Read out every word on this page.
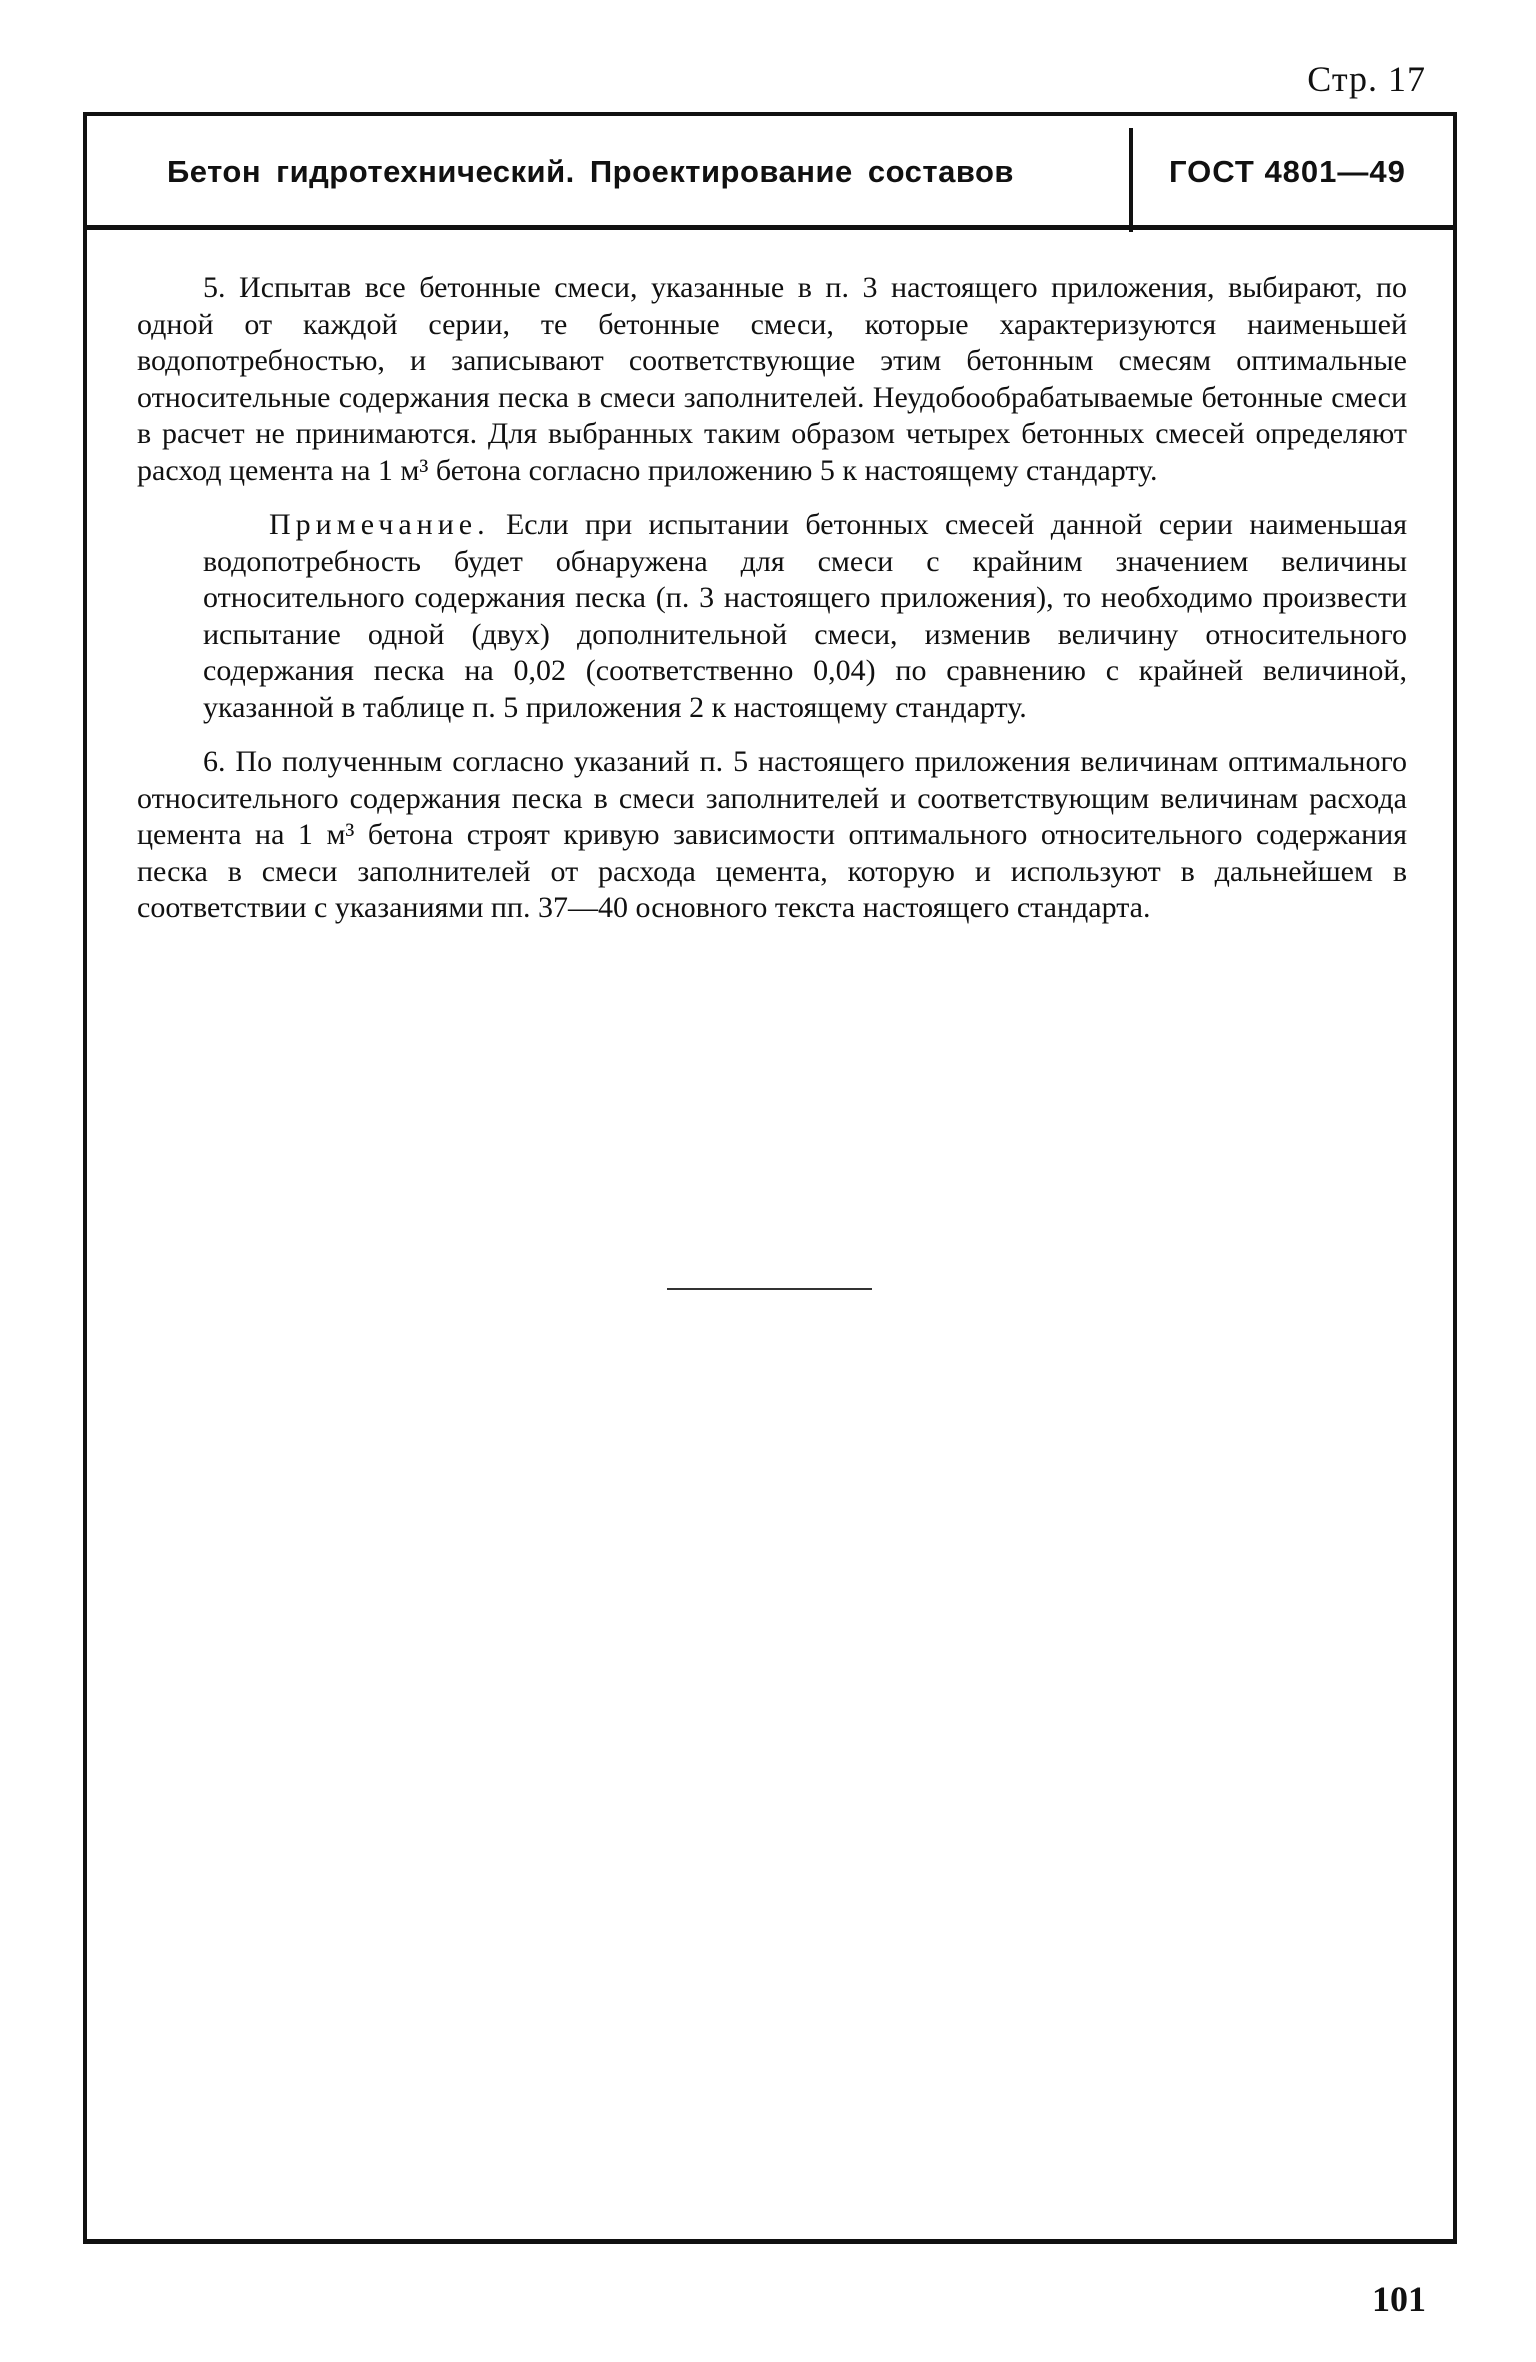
Стр. 17
Бетон гидротехнический. Проектирование составов	ГОСТ 4801—49

5. Испытав все бетонные смеси, указанные в п. 3 настоящего приложения, выбирают, по одной от каждой серии, те бетонные смеси, которые характеризуются наименьшей водопотребностью, и записывают соответствующие этим бетонным смесям оптимальные относительные содержания песка в смеси заполнителей. Неудобообрабатываемые бетонные смеси в расчет не принимаются. Для выбранных таким образом четырех бетонных смесей определяют расход цемента на 1 м³ бетона согласно приложению 5 к настоящему стандарту.

Примечание. Если при испытании бетонных смесей данной серии наименьшая водопотребность будет обнаружена для смеси с крайним значением величины относительного содержания песка (п. 3 настоящего приложения), то необходимо произвести испытание одной (двух) дополнительной смеси, изменив величину относительного содержания песка на 0,02 (соответственно 0,04) по сравнению с крайней величиной, указанной в таблице п. 5 приложения 2 к настоящему стандарту.

6. По полученным согласно указаний п. 5 настоящего приложения величинам оптимального относительного содержания песка в смеси заполнителей и соответствующим величинам расхода цемента на 1 м³ бетона строят кривую зависимости оптимального относительного содержания песка в смеси заполнителей от расхода цемента, которую и используют в дальнейшем в соответствии с указаниями пп. 37—40 основного текста настоящего стандарта.

101
